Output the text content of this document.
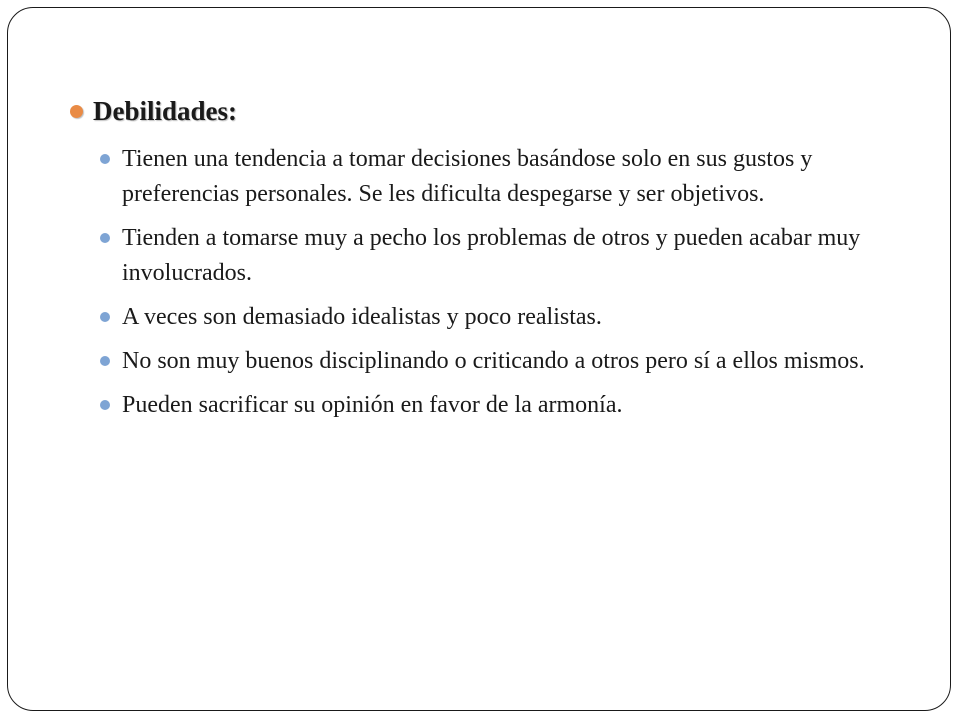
Debilidades:
Tienen una tendencia a tomar decisiones basándose solo en sus gustos y preferencias personales. Se les dificulta despegarse y ser objetivos.
Tienden a tomarse muy a pecho los problemas de otros y pueden acabar muy involucrados.
A veces son demasiado idealistas y poco realistas.
No son muy buenos disciplinando o criticando a otros pero sí a ellos mismos.
Pueden sacrificar su opinión en favor de la armonía.
